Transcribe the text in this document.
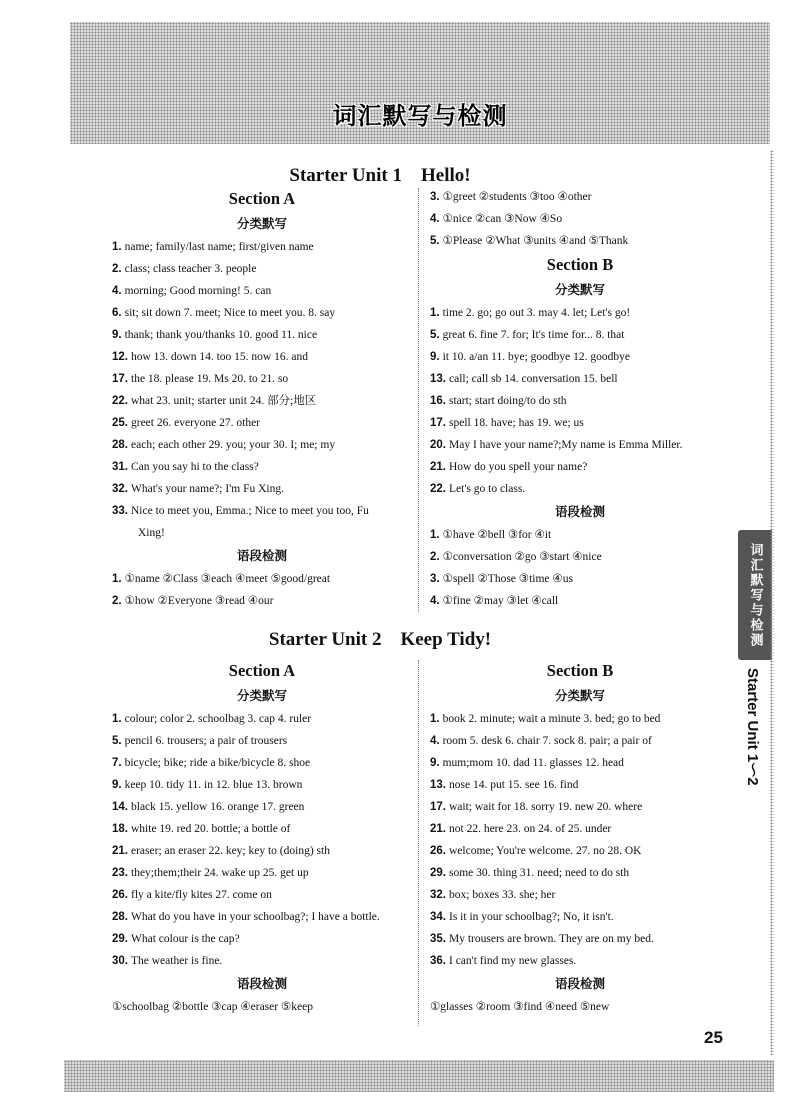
词汇默写与检测
Starter Unit 1　Hello!
Section A
分类默写
1. name; family/last name; first/given name
2. class; class teacher 3. people
4. morning; Good morning! 5. can
6. sit; sit down 7. meet; Nice to meet you. 8. say
9. thank; thank you/thanks 10. good 11. nice
12. how 13. down 14. too 15. now 16. and
17. the 18. please 19. Ms 20. to 21. so
22. what 23. unit; starter unit 24. 部分;地区
25. greet 26. everyone 27. other
28. each; each other 29. you; your 30. I; me; my
31. Can you say hi to the class?
32. What's your name?; I'm Fu Xing.
33. Nice to meet you, Emma.; Nice to meet you too, Fu
Xing!
语段检测
1. ①name ②Class ③each ④meet ⑤good/great
2. ①how ②Everyone ③read ④our
3. ①greet ②students ③too ④other
4. ①nice ②can ③Now ④So
5. ①Please ②What ③units ④and ⑤Thank
Section B
分类默写
1. time 2. go; go out 3. may 4. let; Let's go!
5. great 6. fine 7. for; It's time for... 8. that
9. it 10. a/an 11. bye; goodbye 12. goodbye
13. call; call sb 14. conversation 15. bell
16. start; start doing/to do sth
17. spell 18. have; has 19. we; us
20. May I have your name?;My name is Emma Miller.
21. How do you spell your name?
22. Let's go to class.
语段检测
1. ①have ②bell ③for ④it
2. ①conversation ②go ③start ④nice
3. ①spell ②Those ③time ④us
4. ①fine ②may ③let ④call
Starter Unit 2　Keep Tidy!
Section A
分类默写
1. colour; color 2. schoolbag 3. cap 4. ruler
5. pencil 6. trousers; a pair of trousers
7. bicycle; bike; ride a bike/bicycle 8. shoe
9. keep 10. tidy 11. in 12. blue 13. brown
14. black 15. yellow 16. orange 17. green
18. white 19. red 20. bottle; a bottle of
21. eraser; an eraser 22. key; key to (doing) sth
23. they;them;their 24. wake up 25. get up
26. fly a kite/fly kites 27. come on
28. What do you have in your schoolbag?; I have a bottle.
29. What colour is the cap?
30. The weather is fine.
语段检测
①schoolbag ②bottle ③cap ④eraser ⑤keep
Section B
分类默写
1. book 2. minute; wait a minute 3. bed; go to bed
4. room 5. desk 6. chair 7. sock 8. pair; a pair of
9. mum;mom 10. dad 11. glasses 12. head
13. nose 14. put 15. see 16. find
17. wait; wait for 18. sorry 19. new 20. where
21. not 22. here 23. on 24. of 25. under
26. welcome; You're welcome. 27. no 28. OK
29. some 30. thing 31. need; need to do sth
32. box; boxes 33. she; her
34. Is it in your schoolbag?; No, it isn't.
35. My trousers are brown. They are on my bed.
36. I can't find my new glasses.
语段检测
①glasses ②room ③find ④need ⑤new
词汇默写与检测
Starter Unit 1～2
25
